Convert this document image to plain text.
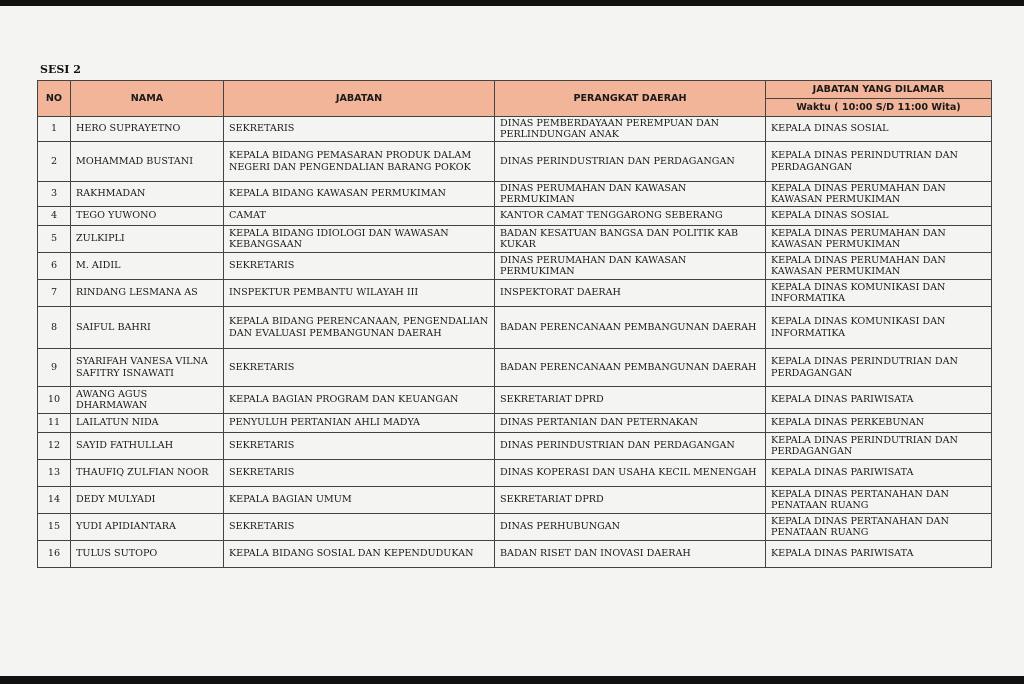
SESI 2
NO	NAMA	JABATAN	PERANGKAT DAERAH	JABATAN YANG DILAMAR
				Waktu ( 10:00 S/D 11:00 Wita)
1	HERO SUPRAYETNO	SEKRETARIS	DINAS PEMBERDAYAAN PEREMPUAN DAN PERLINDUNGAN ANAK	KEPALA DINAS SOSIAL
2	MOHAMMAD BUSTANI	KEPALA BIDANG PEMASARAN PRODUK DALAM NEGERI DAN PENGENDALIAN BARANG POKOK	DINAS PERINDUSTRIAN DAN PERDAGANGAN	KEPALA DINAS PERINDUTRIAN DAN PERDAGANGAN
3	RAKHMADAN	KEPALA BIDANG KAWASAN PERMUKIMAN	DINAS PERUMAHAN DAN KAWASAN PERMUKIMAN	KEPALA DINAS PERUMAHAN DAN KAWASAN PERMUKIMAN
4	TEGO YUWONO	CAMAT	KANTOR CAMAT TENGGARONG SEBERANG	KEPALA DINAS SOSIAL
5	ZULKIPLI	KEPALA BIDANG IDIOLOGI DAN WAWASAN KEBANGSAAN	BADAN KESATUAN BANGSA DAN POLITIK KAB KUKAR	KEPALA DINAS PERUMAHAN DAN KAWASAN PERMUKIMAN
6	M. AIDIL	SEKRETARIS	DINAS PERUMAHAN DAN KAWASAN PERMUKIMAN	KEPALA DINAS PERUMAHAN DAN KAWASAN PERMUKIMAN
7	RINDANG LESMANA AS	INSPEKTUR PEMBANTU WILAYAH III	INSPEKTORAT DAERAH	KEPALA DINAS KOMUNIKASI DAN INFORMATIKA
8	SAIFUL BAHRI	KEPALA BIDANG PERENCANAAN, PENGENDALIAN DAN EVALUASI PEMBANGUNAN DAERAH	BADAN PERENCANAAN PEMBANGUNAN DAERAH	KEPALA DINAS KOMUNIKASI DAN INFORMATIKA
9	SYARIFAH VANESA VILNA SAFITRY ISNAWATI	SEKRETARIS	BADAN PERENCANAAN PEMBANGUNAN DAERAH	KEPALA DINAS PERINDUTRIAN DAN PERDAGANGAN
10	AWANG AGUS DHARMAWAN	KEPALA BAGIAN PROGRAM DAN KEUANGAN	SEKRETARIAT DPRD	KEPALA DINAS PARIWISATA
11	LAILATUN NIDA	PENYULUH PERTANIAN AHLI MADYA	DINAS PERTANIAN DAN PETERNAKAN	KEPALA DINAS PERKEBUNAN
12	SAYID FATHULLAH	SEKRETARIS	DINAS PERINDUSTRIAN DAN PERDAGANGAN	KEPALA DINAS PERINDUTRIAN DAN PERDAGANGAN
13	THAUFIQ ZULFIAN NOOR	SEKRETARIS	DINAS KOPERASI DAN USAHA KECIL MENENGAH	KEPALA DINAS PARIWISATA
14	DEDY MULYADI	KEPALA BAGIAN UMUM	SEKRETARIAT DPRD	KEPALA DINAS PERTANAHAN DAN PENATAAN RUANG
15	YUDI APIDIANTARA	SEKRETARIS	DINAS PERHUBUNGAN	KEPALA DINAS PERTANAHAN DAN PENATAAN RUANG
16	TULUS SUTOPO	KEPALA BIDANG SOSIAL DAN KEPENDUDUKAN	BADAN RISET DAN INOVASI DAERAH	KEPALA DINAS PARIWISATA
